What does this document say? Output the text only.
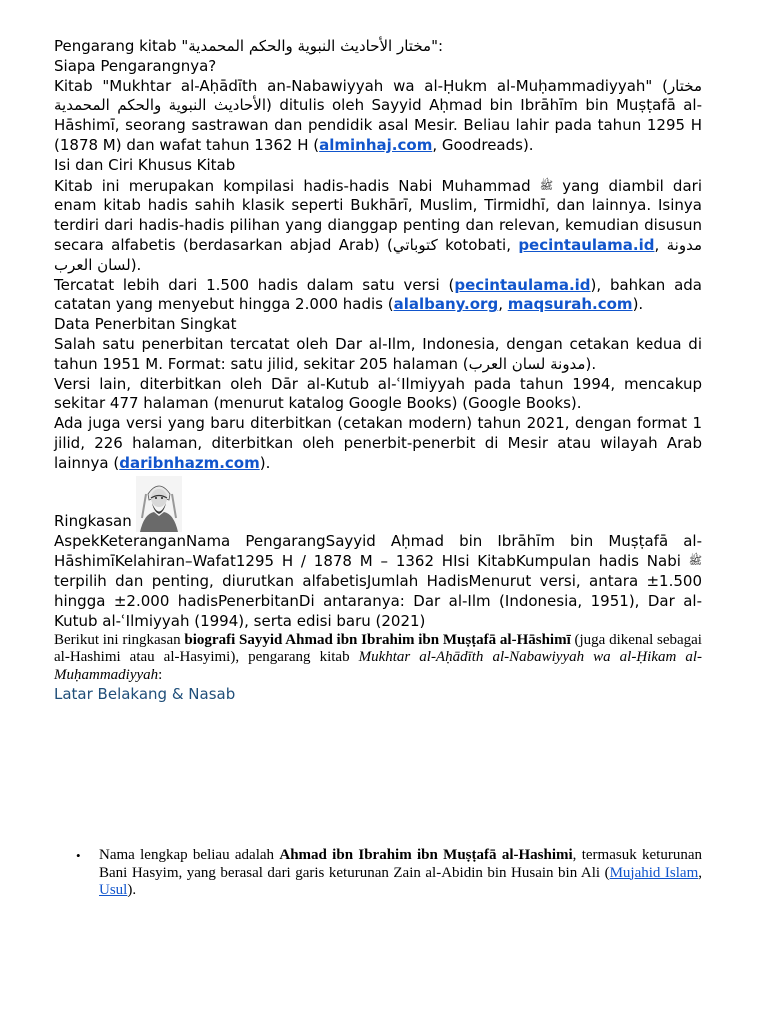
Pengarang kitab "مختار الأحاديث النبوية والحكم المحمدية":

Siapa Pengarangnya?

Kitab "Mukhtar al-Aḥādīth an-Nabawiyyah wa al-Ḥukm al-Muḥammadiyyah" (مختار الأحاديث النبوية والحكم المحمدية) ditulis oleh Sayyid Aḥmad bin Ibrāhīm bin Muṣṭafā al-Hāshimī, seorang sastrawan dan pendidik asal Mesir. Beliau lahir pada tahun 1295 H (1878 M) dan wafat tahun 1362 H (alminhaj.com, Goodreads).

Isi dan Ciri Khusus Kitab

Kitab ini merupakan kompilasi hadis-hadis Nabi Muhammad ﷺ yang diambil dari enam kitab hadis sahih klasik seperti Bukhārī, Muslim, Tirmidhī, dan lainnya. Isinya terdiri dari hadis-hadis pilihan yang dianggap penting dan relevan, kemudian disusun secara alfabetis (berdasarkan abjad Arab) (كتوباتي kotobati, pecintaulama.id, مدونة لسان العرب).

Tercatat lebih dari 1.500 hadis dalam satu versi (pecintaulama.id), bahkan ada catatan yang menyebut hingga 2.000 hadis (alalbany.org, maqsurah.com).

Data Penerbitan Singkat

Salah satu penerbitan tercatat oleh Dar al-Ilm, Indonesia, dengan cetakan kedua di tahun 1951 M. Format: satu jilid, sekitar 205 halaman (مدونة لسان العرب).

Versi lain, diterbitkan oleh Dār al-Kutub al-ʿIlmiyyah pada tahun 1994, mencakup sekitar 477 halaman (menurut katalog Google Books) (Google Books).

Ada juga versi yang baru diterbitkan (cetakan modern) tahun 2021, dengan format 1 jilid, 226 halaman, diterbitkan oleh penerbit-penerbit di Mesir atau wilayah Arab lainnya (daribnhazm.com).

Ringkasan

AspekKeteranganNama PengarangSayyid Aḥmad bin Ibrāhīm bin Muṣṭafā al-HāshimīKelahiran–Wafat1295 H / 1878 M – 1362 HIsi KitabKumpulan hadis Nabi ﷺ terpilih dan penting, diurutkan alfabetisJumlah HadisMenurut versi, antara ±1.500 hingga ±2.000 hadisPenerbitanDi antaranya: Dar al-Ilm (Indonesia, 1951), Dar al-Kutub al-ʿIlmiyyah (1994), serta edisi baru (2021)

Berikut ini ringkasan biografi Sayyid Ahmad ibn Ibrahim ibn Muṣṭafā al-Hāshimī (juga dikenal sebagai al-Hashimi atau al-Hasyimi), pengarang kitab Mukhtar al-Aḥādīth al-Nabawiyyah wa al-Ḥikam al-Muḥammadiyyah:

Latar Belakang & Nasab

• Nama lengkap beliau adalah Ahmad ibn Ibrahim ibn Muṣṭafā al-Hashimi, termasuk keturunan Bani Hasyim, yang berasal dari garis keturunan Zain al-Abidin bin Husain bin Ali (Mujahid Islam, Usul).
